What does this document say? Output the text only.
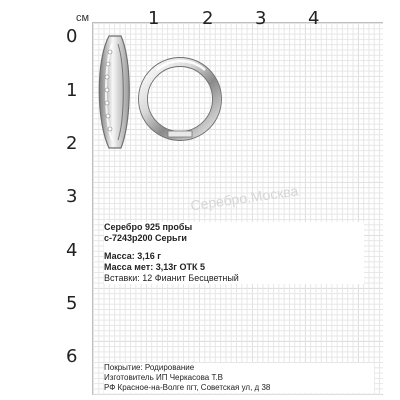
см	1 2 3 4
0
1
2
3
4
5
6
Серебро.Москва
Серебро 925 пробы
с-7243р200 Серьги
Масса: 3,16 г
Масса мет: 3,13г ОТК 5
Вставки: 12 Фианит Бесцветный
Покрытие: Родирование
Изготовитель ИП Черкасова Т.В
РФ Красное-на-Волге пгт, Советская ул, д 38
